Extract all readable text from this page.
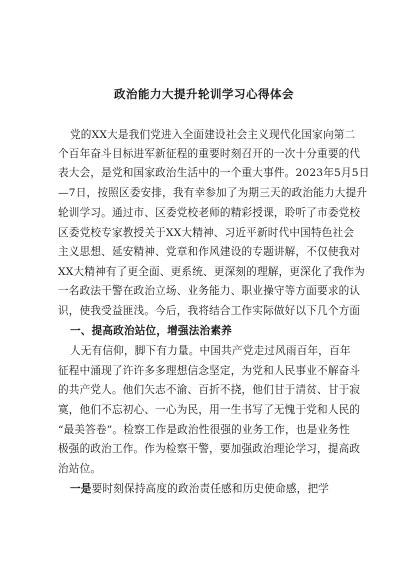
政治能力大提升轮训学习心得体会
党的XX大是我们党进入全面建设社会主义现代化国家向第二
个百年奋斗目标进军新征程的重要时刻召开的一次十分重要的代
表大会，是党和国家政治生活中的一个重大事件。2023年5月5日
—7日，按照区委安排，我有幸参加了为期三天的政治能力大提升
轮训学习。通过市、区委党校老师的精彩授课，聆听了市委党校
区委党校专家教授关于XX大精神、习近平新时代中国特色社会
主义思想、延安精神、党章和作风建设的专题讲解，不仅使我对
XX大精神有了更全面、更系统、更深刻的理解，更深化了我作为
一名政法干警在政治立场、业务能力、职业操守等方面要求的认
识，使我受益匪浅。今后，我将结合工作实际做好以下几个方面
一、提高政治站位，增强法治素养
人无有信仰，脚下有力量。中国共产党走过风雨百年，百年
征程中涌现了许许多多理想信念坚定，为党和人民事业不解奋斗
的共产党人。他们矢志不渝、百折不挠，他们甘于清贫、甘于寂
寞，他们不忘初心、一心为民，用一生书写了无愧于党和人民的
“最美答卷”。检察工作是政治性很强的业务工作，也是业务性
极强的政治工作。作为检察干警，要加强政治理论学习，提高政
治站位。
一是要时刻保持高度的政治责任感和历史使命感，把学
